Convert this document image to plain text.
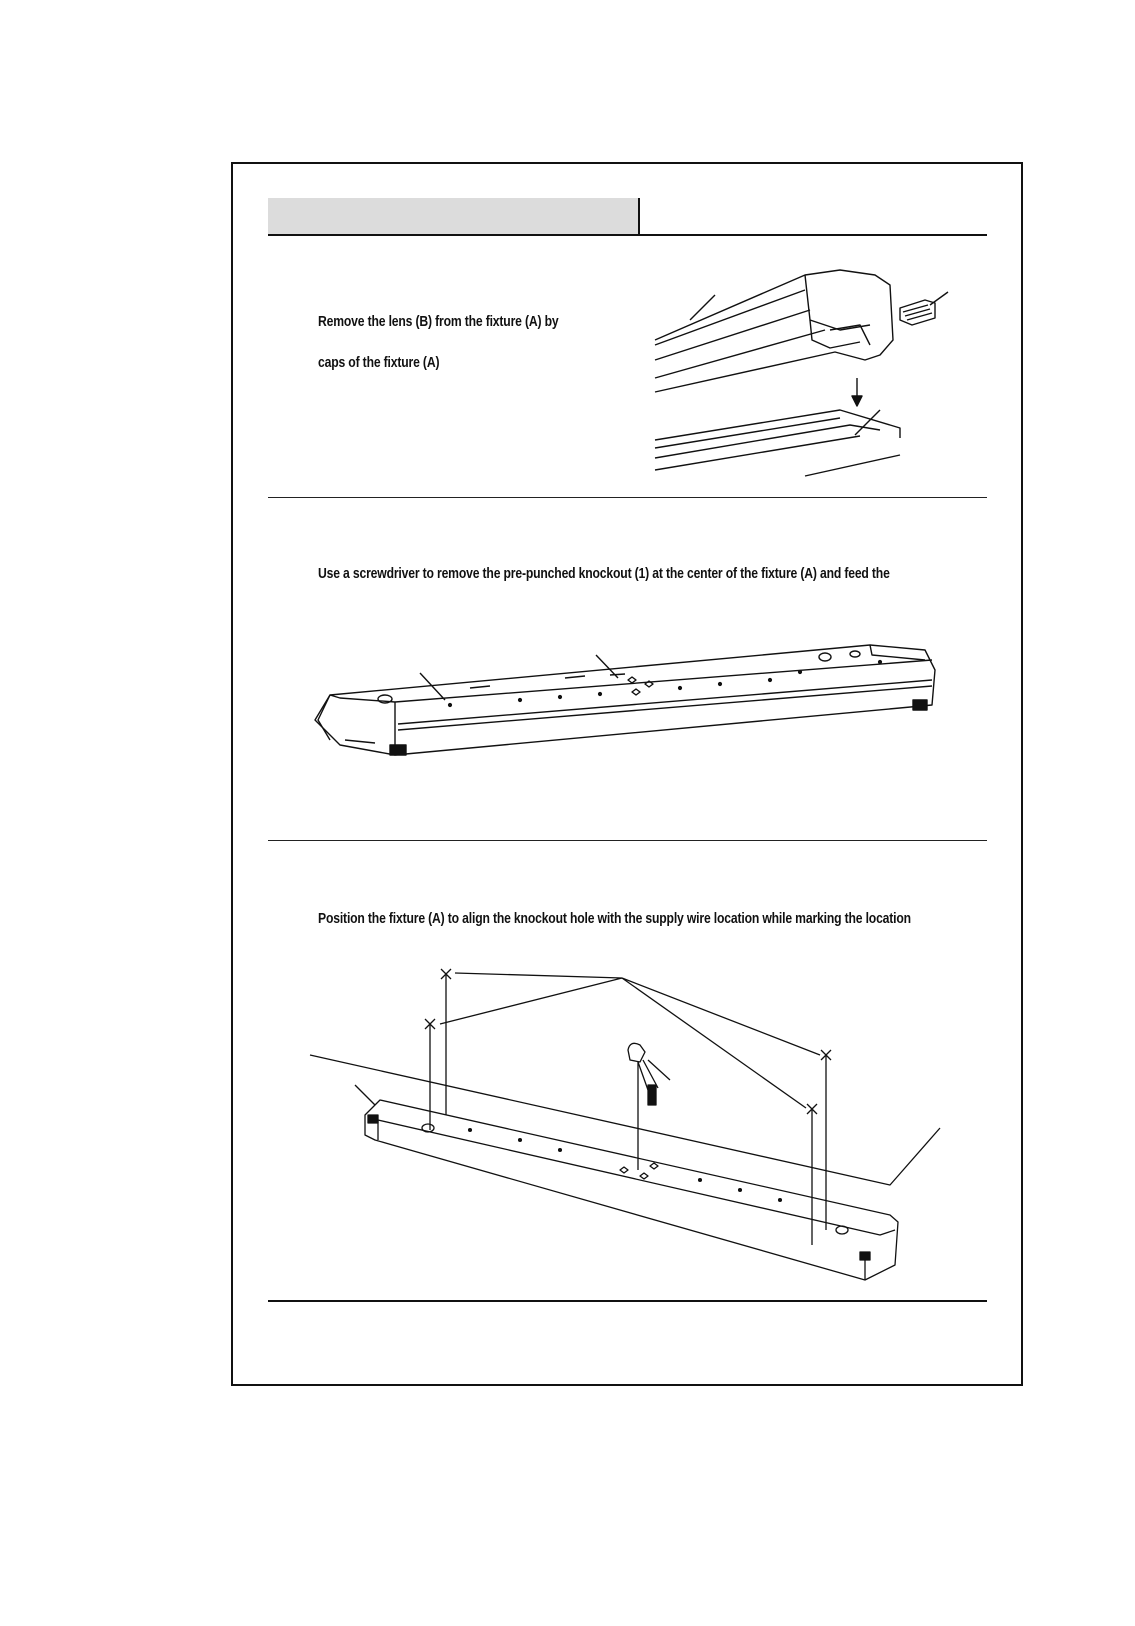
Remove the lens (B) from the fixture (A) by
caps of the fixture (A)
Use a screwdriver to remove the pre-punched knockout (1) at the center of the fixture (A) and feed the
Position the fixture (A) to align the knockout hole with the supply wire location while marking the location
